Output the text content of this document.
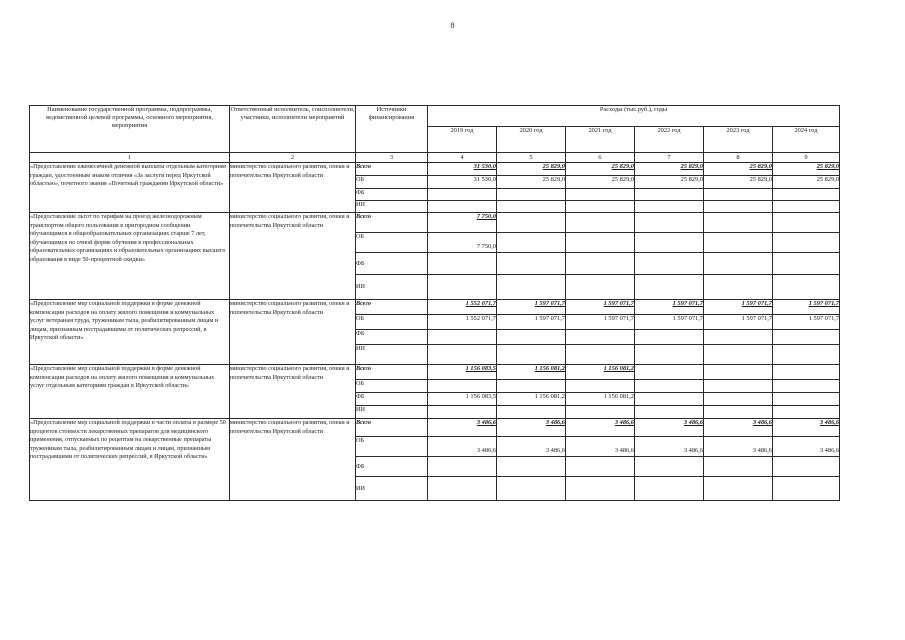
8
Наименование государственной программы, подпрограммы, ведомственной целевой программы, основного мероприятия, мероприятия	Ответственный исполнитель, соисполнители, участники, исполнители мероприятий	Источники финансирования	Расходы (тыс.руб.), годы					
			2019 год	2020 год	2021 год	2022 год	2023 год	2024 год
1	2	3	4	5	6	7	8	9
«Предоставление ежемесячной денежной выплаты отдельным категориям граждан, удостоенным знаком отличия «За заслуги перед Иркутской областью», почетного звания «Почетный гражданин Иркутской области»	министерство социального развития, опеки и попечительства Иркутской области	Всего	31 530,0	25 829,0	25 829,0	25 829,0	25 829,0	25 829,0
		ОБ	31 530,0	25 829,0	25 829,0	25 829,0	25 829,0	25 829,0
		ФБ						
		ИИ						
«Предоставление льгот по тарифам на проезд железнодорожным транспортом общего пользования в пригородном сообщении обучающимся в общеобразовательных организациях старше 7 лет, обучающимся по очной форме обучения в профессиональных образовательных организациях и образовательных организациях высшего образования в виде 50-процентной скидки»	министерство социального развития, опеки и попечительства Иркутской области	Всего	7 750,0					
		ОБ	7 750,0					
		ФБ						
		ИИ						
«Предоставление мер социальной поддержки в форме денежной компенсации расходов на оплату жилого помещения и коммунальных услуг ветеранам труда, труженикам тыла, реабилитированным лицам и лицам, признанным пострадавшими от политических репрессий, в Иркутской области»	министерство социального развития, опеки и попечительства Иркутской области	Всего	1 552 071,7	1 597 071,7	1 597 071,7	1 597 071,7	1 597 071,7	1 597 071,7
		ОБ	1 552 071,7	1 597 071,7	1 597 071,7	1 597 071,7	1 597 071,7	1 597 071,7
		ФБ						
		ИИ						
«Предоставление мер социальной поддержки в форме денежной компенсации расходов на оплату жилого помещения и коммунальных услуг отдельным категориям граждан в Иркутской области»	министерство социального развития, опеки и попечительства Иркутской области	Всего	1 156 083,5	1 156 081,2	1 156 081,2			
		ОБ						
		ФБ	1 156 083,5	1 156 081,2	1 156 081,2			
		ИИ						
«Предоставление мер социальной поддержки в части оплаты в размере 50 процентов стоимости лекарственных препаратов для медицинского применения, отпускаемых по рецептам на лекарственные препараты труженикам тыла, реабилитированным лицам и лицам, признанным пострадавшими от политических репрессий, в Иркутской области»	министерство социального развития, опеки и попечительства Иркутской области	Всего	3 486,6	3 486,6	3 486,6	3 486,6	3 486,6	3 486,6
		ОБ	3 486,6	3 486,6	3 486,6	3 486,6	3 486,6	3 486,6
		ФБ						
		ИИ						
